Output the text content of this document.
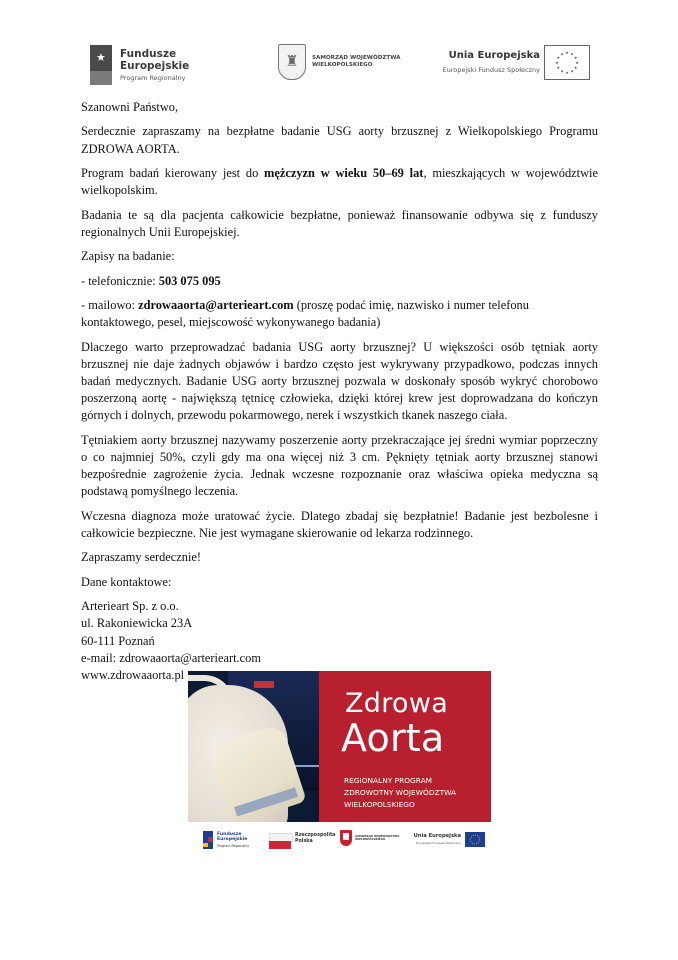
★ Fundusze
Europejskie
Program Regionalny
♜	SAMORZĄD WOJEWÓDZTWA
WIELKOPOLSKIEGO
Unia Europejska
Europejski Fundusz Społeczny
★ ★
★
★
★
★
★
★
★
★
★
★

Szanowni Państwo,

Serdecznie zapraszamy na bezpłatne badanie USG aorty brzusznej z Wielkopolskiego Programu ZDROWA AORTA.

Program badań kierowany jest do mężczyzn w wieku 50–69 lat, mieszkających w województwie wielkopolskim.

Badania te są dla pacjenta całkowicie bezpłatne, ponieważ finansowanie odbywa się z funduszy regionalnych Unii Europejskiej.

Zapisy na badanie:

- telefonicznie: 503 075 095

- mailowo: zdrowaaorta@arterieart.com (proszę podać imię, nazwisko i numer telefonu
kontaktowego, pesel, miejscowość wykonywanego badania)

Dlaczego warto przeprowadzać badania USG aorty brzusznej? U większości osób tętniak aorty brzusznej nie daje żadnych objawów i bardzo często jest wykrywany przypadkowo, podczas innych badań medycznych. Badanie USG aorty brzusznej pozwala w doskonały sposób wykryć chorobowo poszerzoną aortę - największą tętnicę człowieka, dzięki której krew jest doprowadzana do kończyn górnych i dolnych, przewodu pokarmowego, nerek i wszystkich tkanek naszego ciała.

Tętniakiem aorty brzusznej nazywamy poszerzenie aorty przekraczające jej średni wymiar poprzeczny o co najmniej 50%, czyli gdy ma ona więcej niż 3 cm. Pęknięty tętniak aorty brzusznej stanowi bezpośrednie zagrożenie życia. Jednak wczesne rozpoznanie oraz właściwa opieka medyczna są podstawą pomyślnego leczenia.

Wczesna diagnoza może uratować życie. Dlatego zbadaj się bezpłatnie! Badanie jest bezbolesne i całkowicie bezpieczne. Nie jest wymagane skierowanie od lekarza rodzinnego.

Zapraszamy serdecznie!

Dane kontaktowe:

Arterieart Sp. z o.o.

ul. Rakoniewicka 23A

60-111 Poznań

e-mail: zdrowaaorta@arterieart.com

www.zdrowaaorta.pl

Zdrowa
Aorta
REGIONALNY PROGRAM
ZDROWOTNY WOJEWÓDZTWA
WIELKOPOLSKIEGO
Fundusze
Europejskie
Program Regionalny
Rzeczpospolita
Polska
SAMORZĄD WOJEWÓDZTWA
WIELKOPOLSKIEGO
Unia Europejska
Europejski Fundusz Społeczny
